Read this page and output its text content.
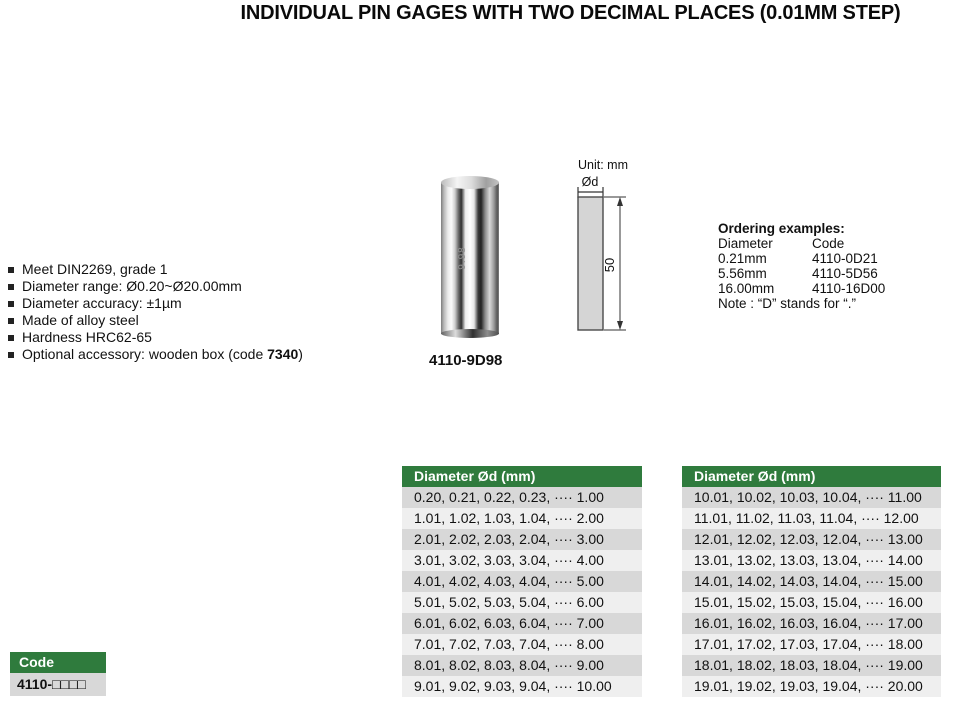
INDIVIDUAL PIN GAGES WITH TWO DECIMAL PLACES (0.01MM STEP)
Meet DIN2269, grade 1
Diameter range: Ø0.20~Ø20.00mm
Diameter accuracy: ±1µm
Made of alloy steel
Hardness HRC62-65
Optional accessory: wooden box (code 7340)
9.98
4110-9D98
Unit: mm
Ød
50
Ordering examples:
Diameter	Code
0.21mm	4110-0D21
5.56mm	4110-5D56
16.00mm	4110-16D00
Note : “D” stands for “.”
Code
4110-□□□□
Diameter Ød (mm)
0.20, 0.21, 0.22, 0.23, ···· 1.00
1.01, 1.02, 1.03, 1.04, ···· 2.00
2.01, 2.02, 2.03, 2.04, ···· 3.00
3.01, 3.02, 3.03, 3.04, ···· 4.00
4.01, 4.02, 4.03, 4.04, ···· 5.00
5.01, 5.02, 5.03, 5.04, ···· 6.00
6.01, 6.02, 6.03, 6.04, ···· 7.00
7.01, 7.02, 7.03, 7.04, ···· 8.00
8.01, 8.02, 8.03, 8.04, ···· 9.00
9.01, 9.02, 9.03, 9.04, ···· 10.00
Diameter Ød (mm)
10.01, 10.02, 10.03, 10.04, ···· 11.00
11.01, 11.02, 11.03, 11.04, ···· 12.00
12.01, 12.02, 12.03, 12.04, ···· 13.00
13.01, 13.02, 13.03, 13.04, ···· 14.00
14.01, 14.02, 14.03, 14.04, ···· 15.00
15.01, 15.02, 15.03, 15.04, ···· 16.00
16.01, 16.02, 16.03, 16.04, ···· 17.00
17.01, 17.02, 17.03, 17.04, ···· 18.00
18.01, 18.02, 18.03, 18.04, ···· 19.00
19.01, 19.02, 19.03, 19.04, ···· 20.00
